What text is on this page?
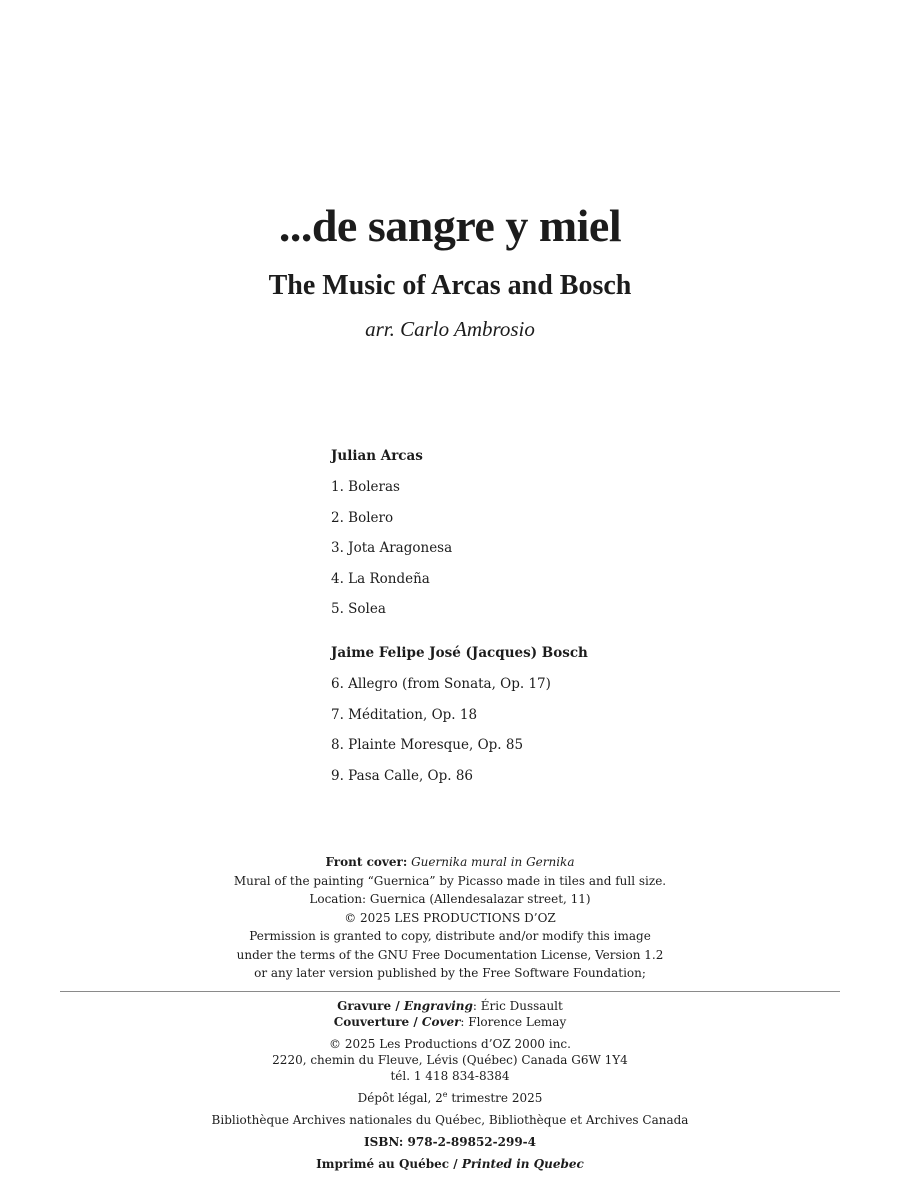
...de sangre y miel
The Music of Arcas and Bosch
arr. Carlo Ambrosio
Julian Arcas
1. Boleras
2. Bolero
3. Jota Aragonesa
4. La Rondeña
5. Solea
Jaime Felipe José (Jacques) Bosch
6. Allegro (from Sonata, Op. 17)
7. Méditation, Op. 18
8. Plainte Moresque, Op. 85
9. Pasa Calle, Op. 86
Front cover: Guernika mural in Gernika
Mural of the painting “Guernica” by Picasso made in tiles and full size.
Location: Guernica (Allendesalazar street, 11)
© 2025 LES PRODUCTIONS D’OZ
Permission is granted to copy, distribute and/or modify this image
under the terms of the GNU Free Documentation License, Version 1.2
or any later version published by the Free Software Foundation;
Gravure / Engraving: Éric Dussault
Couverture / Cover: Florence Lemay
© 2025 Les Productions d’OZ 2000 inc.
2220, chemin du Fleuve, Lévis (Québec) Canada G6W 1Y4
tél. 1 418 834-8384
Dépôt légal, 2e trimestre 2025
Bibliothèque Archives nationales du Québec, Bibliothèque et Archives Canada
ISBN: 978-2-89852-299-4
Imprimé au Québec / Printed in Quebec
